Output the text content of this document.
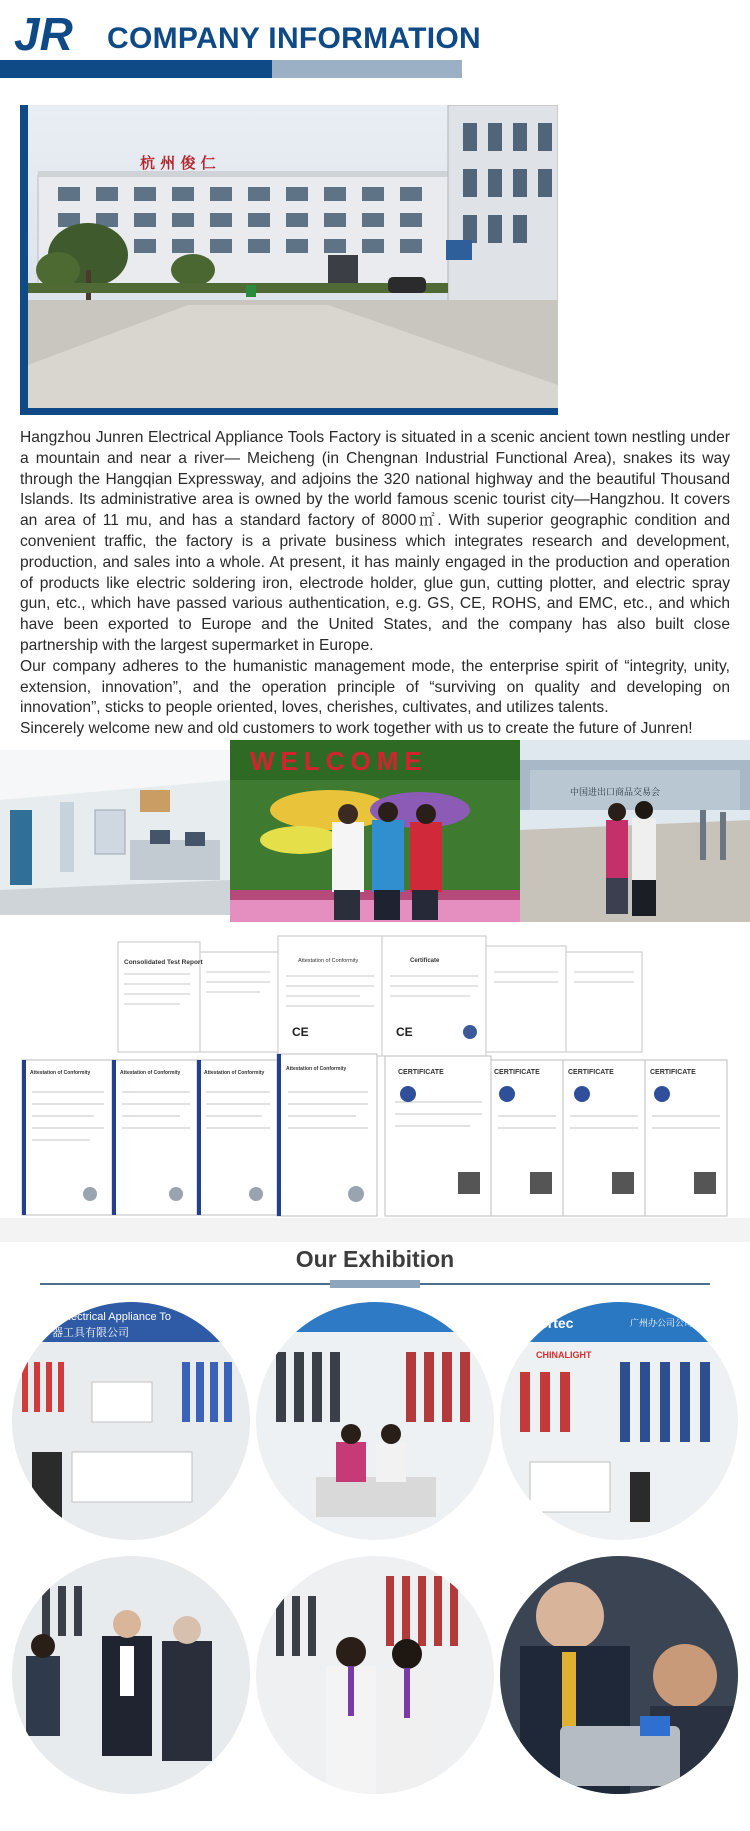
JR COMPANY INFORMATION
杭 州 俊 仁

Hangzhou Junren Electrical Appliance Tools Factory is situated in a scenic ancient town nestling under a mountain and near a river— Meicheng (in Chengnan Industrial Functional Area), snakes its way through the Hangqian Expressway, and adjoins the 320 national highway and the beautiful Thousand Islands. Its administrative area is owned by the world famous scenic tourist city—Hangzhou. It covers an area of 11 mu, and has a standard factory of 8000㎡. With superior geographic condition and convenient traffic, the factory is a private business which integrates research and development, production, and sales into a whole. At present, it has mainly engaged in the production and operation of products like electric soldering iron, electrode holder, glue gun, cutting plotter, and electric spray gun, etc., which have passed various authentication, e.g. GS, CE, ROHS, and EMC, etc., and which have been exported to Europe and the United States, and the company has also built close partnership with the largest supermarket in Europe.

Our company adheres to the humanistic management mode, the enterprise spirit of “integrity, unity, extension, innovation”, and the operation principle of “surviving on quality and developing on innovation”, sticks to people oriented, loves, cherishes, cultivates, and utilizes talents.

Sincerely welcome new and old customers to work together with us to create the future of Junren!

WELCOME
中国进出口商品交易会
Consolidated Test Report	Attestation of Conformity	Certificate
CE	CE
Attestation of Conformity	Attestation of Conformity	Attestation of Conformity
Attestation of Conformity	CERTIFICATE	CERTIFICATE	CERTIFICATE	CERTIFICATE
Our Exhibition
n Electrical Appliance To
器工具有限公司
ertec	广州办公司公司
CHINALIGHT
